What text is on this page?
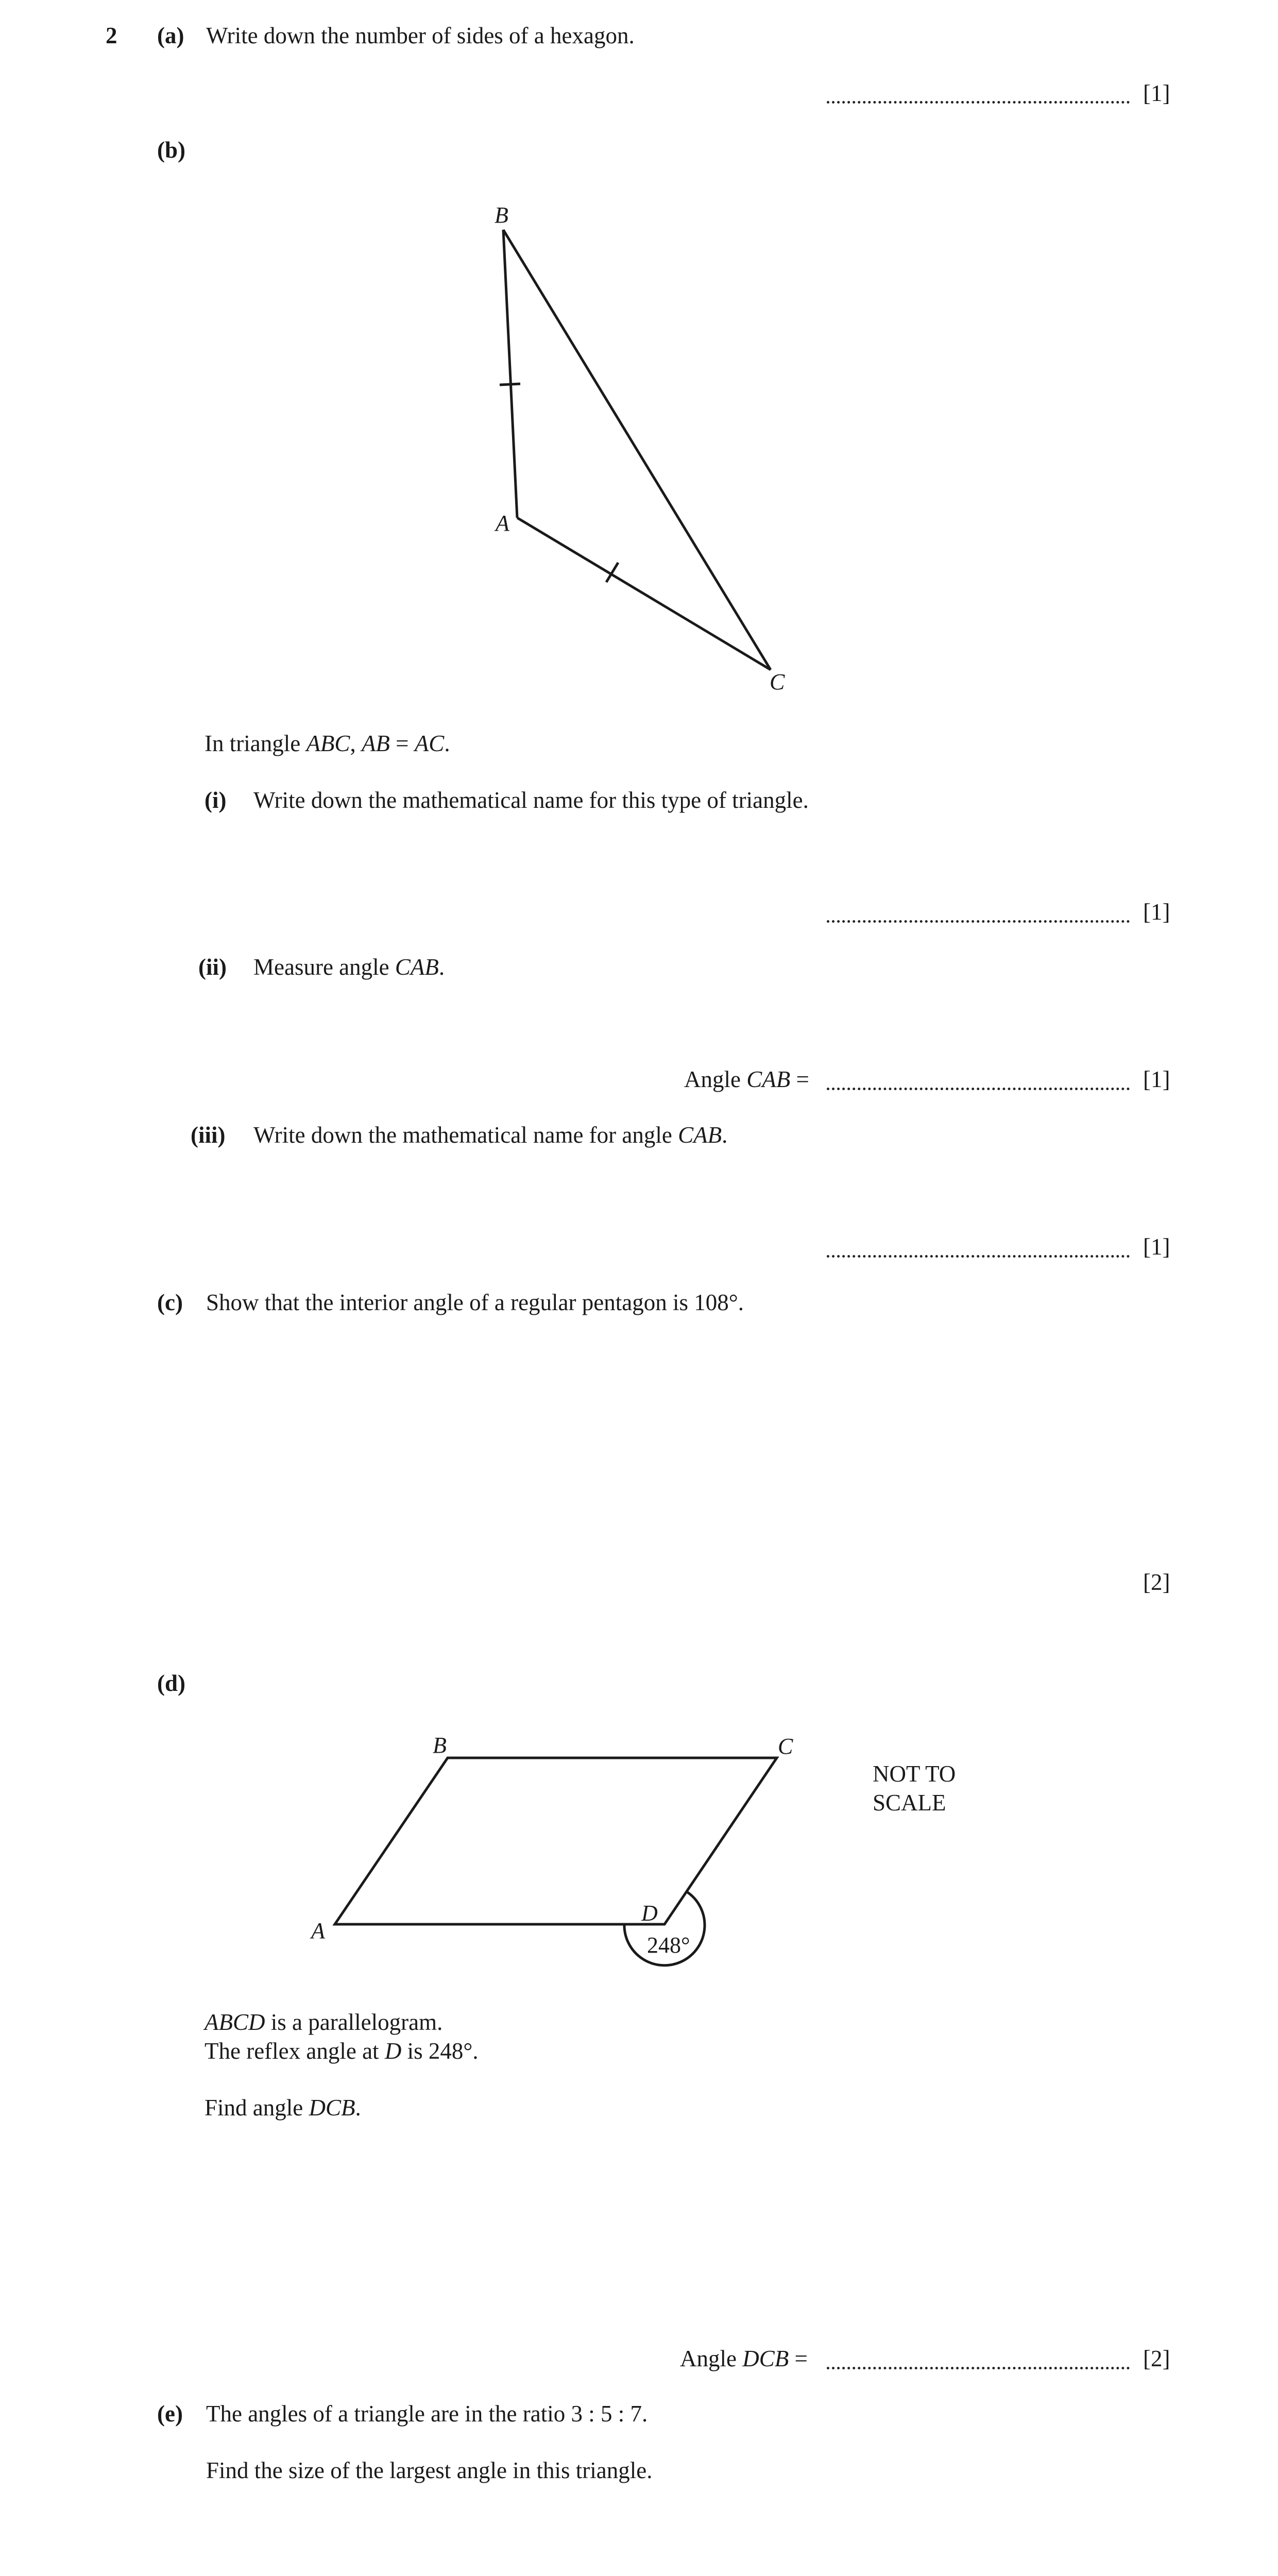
2 (a) Write down the number of sides of a hexagon.
[1]
(b)
B
A
C
In triangle ABC, AB = AC.
(i) Write down the mathematical name for this type of triangle.
[1]
(ii) Measure angle CAB.
Angle CAB =	[1]
(iii) Write down the mathematical name for angle CAB.
[1]
(c) Show that the interior angle of a regular pentagon is 108°.
[2]
(d)
A
B	C
D
248°
NOT TO
SCALE
ABCD is a parallelogram.
The reflex angle at D is 248°.
Find angle DCB.
Angle DCB =	[2]
(e) The angles of a triangle are in the ratio 3 : 5 : 7.
Find the size of the largest angle in this triangle.
